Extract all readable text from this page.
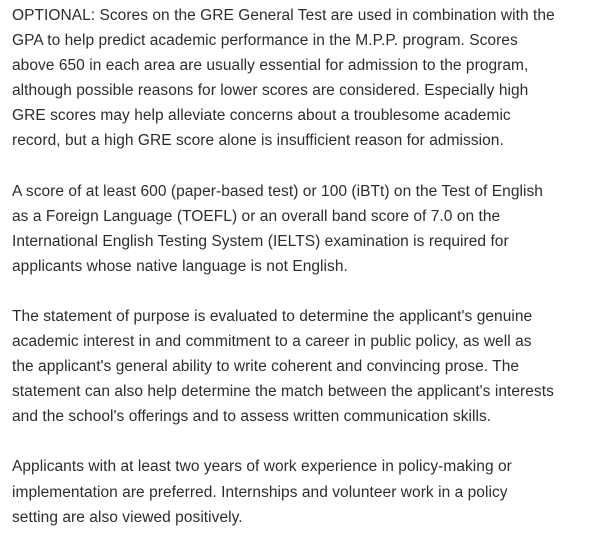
OPTIONAL: Scores on the GRE General Test are used in combination with the
GPA to help predict academic performance in the M.P.P. program. Scores
above 650 in each area are usually essential for admission to the program,
although possible reasons for lower scores are considered. Especially high
GRE scores may help alleviate concerns about a troublesome academic
record, but a high GRE score alone is insufficient reason for admission.

A score of at least 600 (paper-based test) or 100 (iBTt) on the Test of English
as a Foreign Language (TOEFL) or an overall band score of 7.0 on the
International English Testing System (IELTS) examination is required for
applicants whose native language is not English.

The statement of purpose is evaluated to determine the applicant's genuine
academic interest in and commitment to a career in public policy, as well as
the applicant's general ability to write coherent and convincing prose. The
statement can also help determine the match between the applicant's interests
and the school's offerings and to assess written communication skills.

Applicants with at least two years of work experience in policy-making or
implementation are preferred. Internships and volunteer work in a policy
setting are also viewed positively.
